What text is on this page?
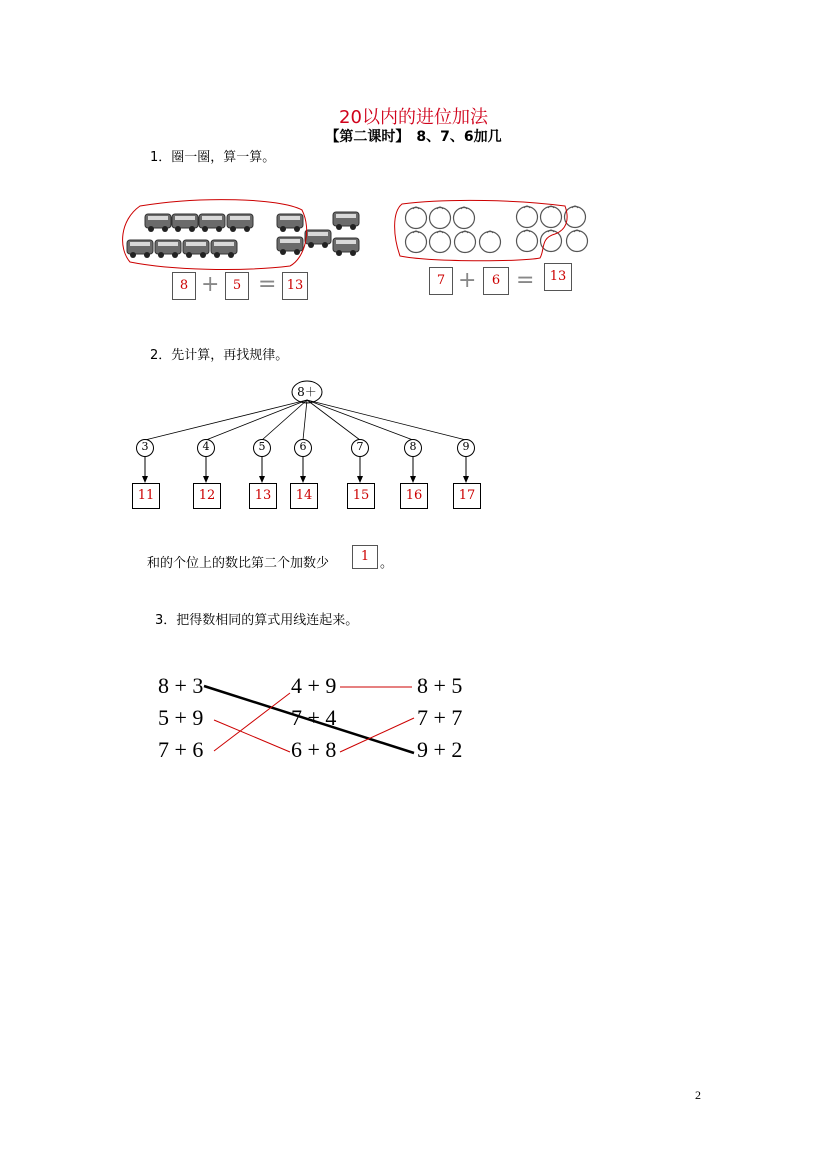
20以内的进位加法
【第二课时】　8、7、6加几
1．圈一圈，算一算。
8 +	5 = 13	7 +	6 =	13
2．先计算，再找规律。
8＋
3
11
4
12
5
13
6
14
7
15
8
16
9
17
和的个位上的数比第二个加数少	1 。
3．把得数相同的算式用线连起来。
8 + 3
5 + 9
7 + 6
4 + 9
7 + 4
6 + 8
8 + 5
7 + 7
9 + 2
2
